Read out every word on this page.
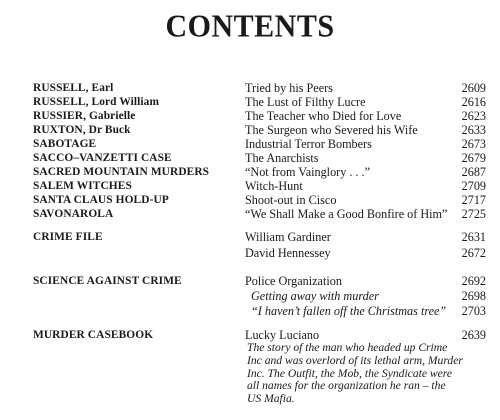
CONTENTS
RUSSELL, Earl	Tried by his Peers	2609
RUSSELL, Lord William	The Lust of Filthy Lucre	2616
RUSSIER, Gabrielle	The Teacher who Died for Love	2623
RUXTON, Dr Buck	The Surgeon who Severed his Wife	2633
SABOTAGE	Industrial Terror Bombers	2673
SACCO–VANZETTI CASE	The Anarchists	2679
SACRED MOUNTAIN MURDERS	“Not from Vainglory . . .”	2687
SALEM WITCHES	Witch-Hunt	2709
SANTA CLAUS HOLD-UP	Shoot-out in Cisco	2717
SAVONAROLA	“We Shall Make a Good Bonfire of Him” 2725
CRIME FILE	William Gardiner	2631
David Hennessey	2672
SCIENCE AGAINST CRIME	Police Organization	2692
Getting away with murder	2698
“I haven’t fallen off the Christmas tree” 2703
MURDER CASEBOOK	Lucky Luciano	2639
The story of the man who headed up Crime
Inc and was overlord of its lethal arm, Murder
Inc. The Outfit, the Mob, the Syndicate were
all names for the organization he ran – the
US Mafia.
